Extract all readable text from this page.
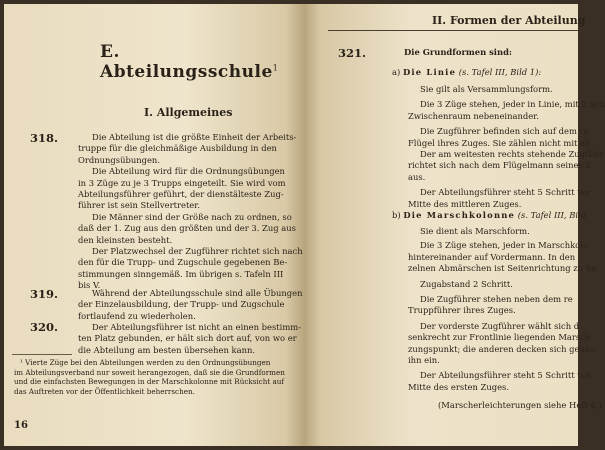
E. Abteilungsschule$^1$
I. Allgemeines
318.	Die Abteilung ist die größte Einheit der Arbeits-
truppe für die gleichmäßige Ausbildung in den
Ordnungsübungen.
Die Abteilung wird für die Ordnungsübungen
in 3 Züge zu je 3 Trupps eingeteilt. Sie wird vom
Abteilungsführer geführt, der dienstälteste Zug-
führer ist sein Stellvertreter.
Die Männer sind der Größe nach zu ordnen, so
daß der 1. Zug aus den größten und der 3. Zug aus
den kleinsten besteht.
Der Platzwechsel der Zugführer richtet sich nach
den für die Trupp- und Zugschule gegebenen Be-
stimmungen sinngemäß. Im übrigen s. Tafeln III
bis V.
319.	Während der Abteilungsschule sind alle Übungen
der Einzelausbildung, der Trupp- und Zugschule
fortlaufend zu wiederholen.
320.	Der Abteilungsführer ist nicht an einen bestimm-
ten Platz gebunden, er hält sich dort auf, von wo er
die Abteilung am besten übersehen kann.
¹ Vierte Züge bei den Abteilungen werden zu den Ordnungsübungen
im Abteilungsverband nur soweit herangezogen, daß sie die Grundformen
und die einfachsten Bewegungen in der Marschkolonne mit Rücksicht auf
das Auftreten vor der Öffentlichkeit beherrschen.
16
II. Formen der Abteilung
321.	Die Grundformen sind:
a) Die Linie (s. Tafel III, Bild 1):
Sie gilt als Versammlungsform.
Die 3 Züge stehen, jeder in Linie, mit 2 Sch
Zwischenraum nebeneinander.
Die Zugführer befinden sich auf dem re
Flügel ihres Zuges. Sie zählen nicht mit ab
Der am weitesten rechts stehende Zugführ
richtet sich nach dem Flügelmann seines Z
aus.
Der Abteilungsführer steht 5 Schritt vor
Mitte des mittleren Zuges.
b) Die Marschkolonne (s. Tafel III, Bild
Sie dient als Marschform.
Die 3 Züge stehen, jeder in Marschkolo
hintereinander auf Vordermann. In den
zelnen Abmärschen ist Seitenrichtung zu ha
Zugabstand 2 Schritt.
Die Zugführer stehen neben dem re
Truppführer ihres Zuges.
Der vorderste Zugführer wählt sich d
senkrecht zur Frontlinie liegenden Marsch
zungspunkt; die anderen decken sich genau
ihn ein.
Der Abteilungsführer steht 5 Schritt vor
Mitte des ersten Zuges.
(Marscherleichterungen siehe Heft 4.)
